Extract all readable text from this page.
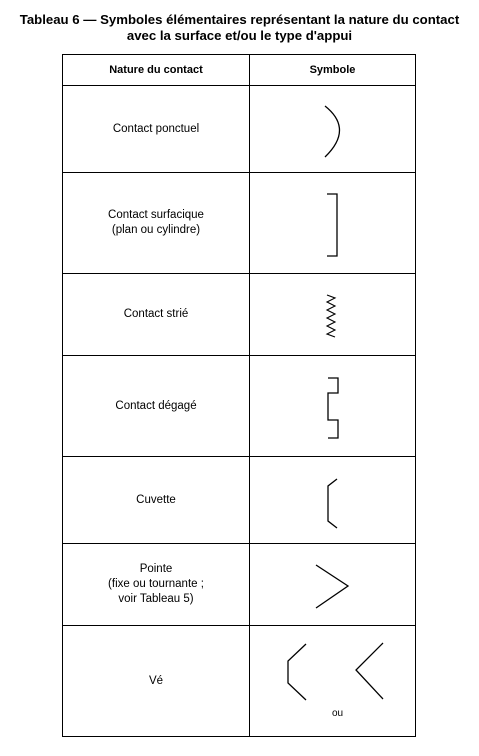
Tableau 6 — Symboles élémentaires représentant la nature du contact
avec la surface et/ou le type d'appui
Nature du contact	Symbole
Contact ponctuel	

Contact surfacique
(plan ou cylindre)	

Contact strié	

Contact dégagé	

Cuvette	

Pointe
(fixe ou tournante ;
voir Tableau 5)	

Vé	ou
